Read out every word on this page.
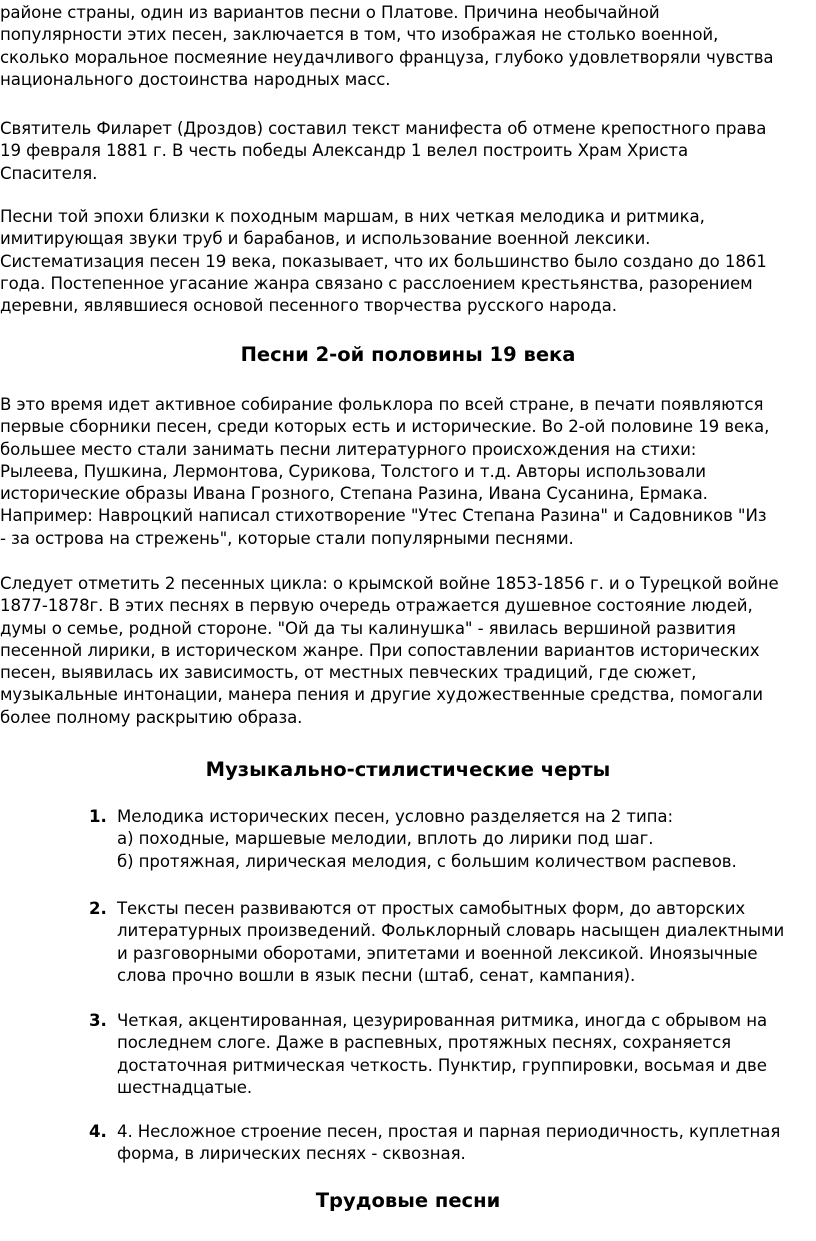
районе страны, один из вариантов песни о Платове. Причина необычайной
популярности этих песен, заключается в том, что изображая не столько военной,
сколько моральное посмеяние неудачливого француза, глубоко удовлетворяли чувства
национального достоинства народных масс.

Святитель Филарет (Дроздов) составил текст манифеста об отмене крепостного права
19 февраля 1881 г. В честь победы Александр 1 велел построить Храм Христа
Спасителя.

Песни той эпохи близки к походным маршам, в них четкая мелодика и ритмика,
имитирующая звуки труб и барабанов, и использование военной лексики.
Систематизация песен 19 века, показывает, что их большинство было создано до 1861
года. Постепенное угасание жанра связано с расслоением крестьянства, разорением
деревни, являвшиеся основой песенного творчества русского народа.

Песни 2-ой половины 19 века

В это время идет активное собирание фольклора по всей стране, в печати появляются
первые сборники песен, среди которых есть и исторические. Во 2-ой половине 19 века,
большее место стали занимать песни литературного происхождения на стихи:
Рылеева, Пушкина, Лермонтова, Сурикова, Толстого и т.д. Авторы использовали
исторические образы Ивана Грозного, Степана Разина, Ивана Сусанина, Ермака.
Например: Навроцкий написал стихотворение "Утес Степана Разина" и Садовников "Из
- за острова на стрежень", которые стали популярными песнями.

Следует отметить 2 песенных цикла: о крымской войне 1853-1856 г. и о Турецкой войне
1877-1878г. В этих песнях в первую очередь отражается душевное состояние людей,
думы о семье, родной стороне. "Ой да ты калинушка" - явилась вершиной развития
песенной лирики, в историческом жанре. При сопоставлении вариантов исторических
песен, выявилась их зависимость, от местных певческих традиций, где сюжет,
музыкальные интонации, манера пения и другие художественные средства, помогали
более полному раскрытию образа.

Музыкально-стилистические черты
1. Мелодика исторических песен, условно разделяется на 2 типа:
а) походные, маршевые мелодии, вплоть до лирики под шаг.
б) протяжная, лирическая мелодия, с большим количеством распевов.
2. Тексты песен развиваются от простых самобытных форм, до авторских
литературных произведений. Фольклорный словарь насыщен диалектными
и разговорными оборотами, эпитетами и военной лексикой. Иноязычные
слова прочно вошли в язык песни (штаб, сенат, кампания).
3. Четкая, акцентированная, цезурированная ритмика, иногда с обрывом на
последнем слоге. Даже в распевных, протяжных песнях, сохраняется
достаточная ритмическая четкость. Пунктир, группировки, восьмая и две
шестнадцатые.
4. 4. Несложное строение песен, простая и парная периодичность, куплетная
форма, в лирических песнях - сквозная.
Трудовые песни
